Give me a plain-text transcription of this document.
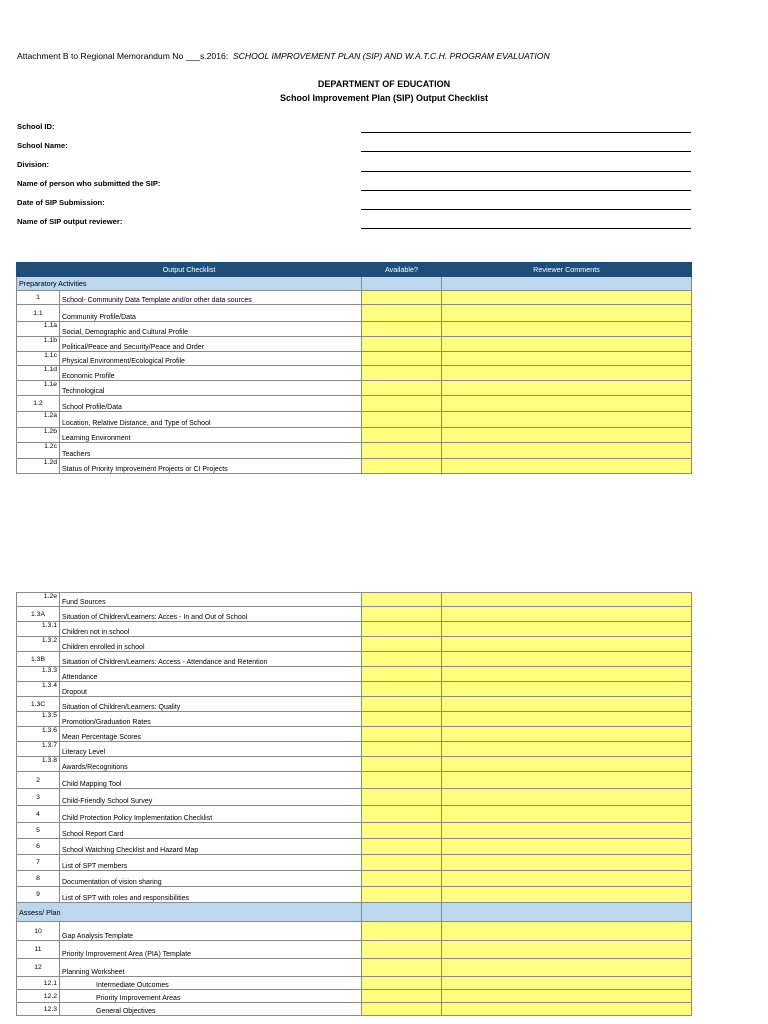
Attachment B to Regional Memorandum No ___s.2016: SCHOOL IMPROVEMENT PLAN (SIP) AND W.A.T.C.H. PROGRAM EVALUATION
DEPARTMENT OF EDUCATION
School Improvement Plan (SIP) Output Checklist
School ID:
School Name:
Division:
Name of person who submitted the SIP:
Date of SIP Submission:
Name of SIP output reviewer:
Output Checklist		Available?	Reviewer Comments
Preparatory Activities			
1	School- Community Data Template and/or other data sources		
1.1	Community Profile/Data		
1.1a	Social, Demographic and Cultural Profile		
1.1b	Political/Peace and Security/Peace and Order		
1.1c	Physical Environment/Ecological Profile		
1.1d	Economic Profile		
1.1e	Technological		
1.2	School Profile/Data		
1.2a	Location, Relative Distance, and Type of School		
1.2b	Learning Environment		
1.2c	Teachers		
1.2d	Status of Priority Improvement Projects or CI Projects		
1.2e	Fund Sources		
1.3A	Situation of Children/Learners: Acces - In and Out of School		
1.3.1	Children not in school		
1.3.2	Children enrolled in school		
1.3B	Situation of Children/Learners: Access - Attendance and Retention		
1.3.3	Attendance		
1.3.4	Dropout		
1.3C	Situation of Children/Learners: Quality		
1.3.5	Promotion/Graduation Rates		
1.3.6	Mean Percentage Scores		
1.3.7	Literacy Level		
1.3.8	Awards/Recognitions		
2	Child Mapping Tool		
3	Child-Friendly School Survey		
4	Child Protection Policy Implementation Checklist		
5	School Report Card		
6	School Watching Checklist and Hazard Map		
7	List of SPT members		
8	Documentation of vision sharing		
9	List of SPT with roles and responsibilities		
Assess/ Plan			
10	Gap Analysis Template		
11	Priority Improvement Area (PIA) Template		
12	Planning Worksheet		
12.1	Intermediate Outcomes		
12.2	Priority Improvement Areas		
12.3	General Objectives		
